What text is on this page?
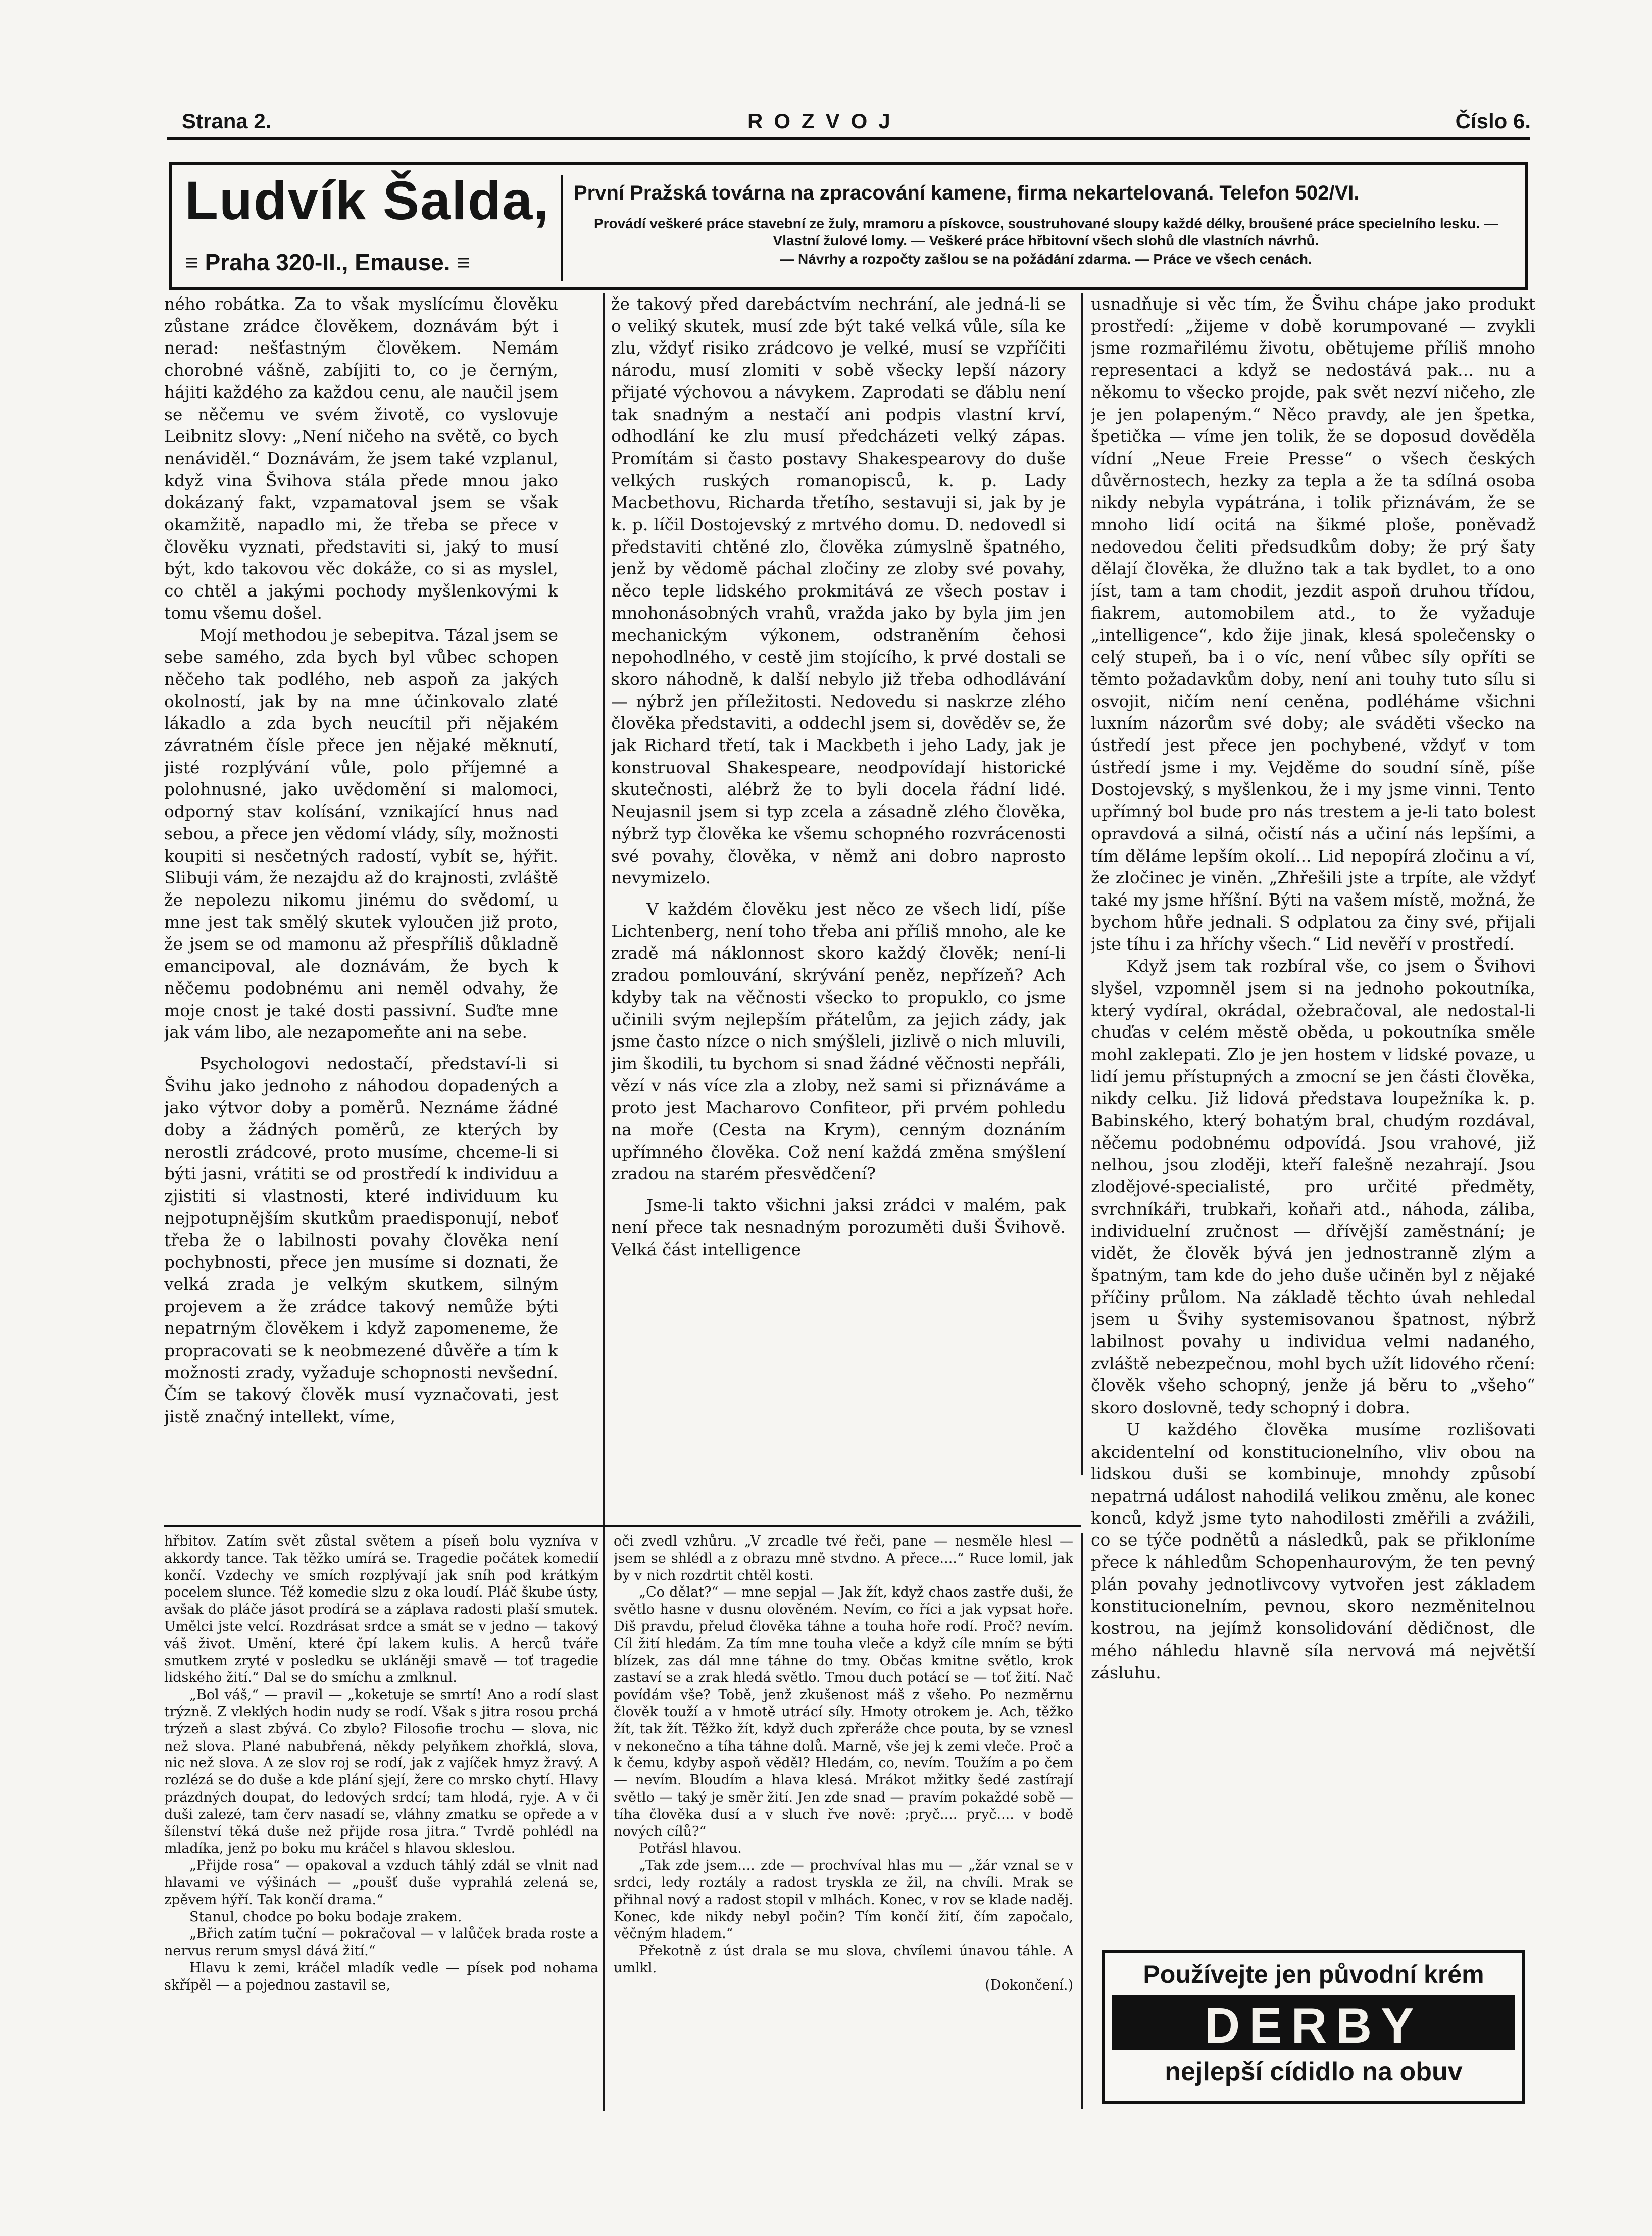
Strana 2.	ROZVOJ	Číslo 6.
Ludvík Šalda,
≡ Praha 320-II., Emause. ≡
První Pražská továrna na zpracování kamene, firma nekartelovaná. Telefon 502/VI.
Provádí veškeré práce stavební ze žuly, mramoru a pískovce, soustruhované sloupy každé délky, broušené práce specielního lesku. — Vlastní žulové lomy. — Veškeré práce hřbitovní všech slohů dle vlastních návrhů.
— Návrhy a rozpočty zašlou se na požádání zdarma. — Práce ve všech cenách.

ného robátka. Za to však myslícímu člověku zůstane zrádce člověkem, doznávám být i nerad: nešťastným člověkem. Nemám chorobné vášně, zabíjiti to, co je černým, hájiti každého za každou cenu, ale naučil jsem se něčemu ve svém životě, co vyslovuje Leibnitz slovy: „Není ničeho na světě, co bych nenáviděl.“ Doznávám, že jsem také vzplanul, když vina Švihova stála přede mnou jako dokázaný fakt, vzpamatoval jsem se však okamžitě, napadlo mi, že třeba se přece v člověku vyznati, představiti si, jaký to musí být, kdo takovou věc dokáže, co si as myslel, co chtěl a jakými pochody myšlenkovými k tomu všemu došel.

Mojí methodou je sebepitva. Tázal jsem se sebe samého, zda bych byl vůbec schopen něčeho tak podlého, neb aspoň za jakých okolností, jak by na mne účinkovalo zlaté lákadlo a zda bych neucítil při nějakém závratném čísle přece jen nějaké měknutí, jisté rozplývání vůle, polo příjemné a polohnusné, jako uvědomění si malomoci, odporný stav kolísání, vznikající hnus nad sebou, a přece jen vědomí vlády, síly, možnosti koupiti si nesčetných radostí, vybít se, hýřit. Slibuji vám, že nezajdu až do krajnosti, zvláště že nepolezu nikomu jinému do svědomí, u mne jest tak smělý skutek vyloučen již proto, že jsem se od mamonu až přespříliš důkladně emancipoval, ale doznávám, že bych k něčemu podobnému ani neměl odvahy, že moje cnost je také dosti passivní. Suďte mne jak vám libo, ale nezapomeňte ani na sebe.

Psychologovi nedostačí, představí-li si Švihu jako jednoho z náhodou dopadených a jako výtvor doby a poměrů. Neznáme žádné doby a žádných poměrů, ze kterých by nerostli zrádcové, proto musíme, chceme-li si býti jasni, vrátiti se od prostředí k individuu a zjistiti si vlastnosti, které individuum ku nejpotupnějším skutkům praedisponují, neboť třeba že o labilnosti povahy člověka není pochybnosti, přece jen musíme si doznati, že velká zrada je velkým skutkem, silným projevem a že zrádce takový nemůže býti nepatrným člověkem i když zapomeneme, že propracovati se k neobmezené důvěře a tím k možnosti zrady, vyžaduje schopnosti nevšední. Čím se takový člověk musí vyznačovati, jest jistě značný intellekt, víme,

že takový před darebáctvím nechrání, ale jedná-li se o veliký skutek, musí zde být také velká vůle, síla ke zlu, vždyť risiko zrádcovo je velké, musí se vzpříčiti národu, musí zlomiti v sobě všecky lepší názory přijaté výchovou a návykem. Zaprodati se ďáblu není tak snadným a nestačí ani podpis vlastní krví, odhodlání ke zlu musí předcházeti velký zápas. Promítám si často postavy Shakespearovy do duše velkých ruských romanopisců, k. p. Lady Macbethovu, Richarda třetího, sestavuji si, jak by je k. p. líčil Dostojevský z mrtvého domu. D. nedovedl si představiti chtěné zlo, člověka zúmyslně špatného, jenž by vědomě páchal zločiny ze zloby své povahy, něco teple lidského prokmitává ze všech postav i mnohonásobných vrahů, vražda jako by byla jim jen mechanickým výkonem, odstraněním čehosi nepohodlného, v cestě jim stojícího, k prvé dostali se skoro náhodně, k další nebylo již třeba odhodlávání — nýbrž jen příležitosti. Nedovedu si naskrze zlého člověka představiti, a oddechl jsem si, dověděv se, že jak Richard třetí, tak i Mackbeth i jeho Lady, jak je konstruoval Shakespeare, neodpovídají historické skutečnosti, alébrž že to byli docela řádní lidé. Neujasnil jsem si typ zcela a zásadně zlého člověka, nýbrž typ člověka ke všemu schopného rozvrácenosti své povahy, člověka, v němž ani dobro naprosto nevymizelo.

V každém člověku jest něco ze všech lidí, píše Lichtenberg, není toho třeba ani příliš mnoho, ale ke zradě má náklonnost skoro každý člověk; není-li zradou pomlouvání, skrývání peněz, nepřízeň? Ach kdyby tak na věčnosti všecko to propuklo, co jsme učinili svým nejlepším přátelům, za jejich zády, jak jsme často nízce o nich smýšleli, jizlivě o nich mluvili, jim škodili, tu bychom si snad žádné věčnosti nepřáli, vězí v nás více zla a zloby, než sami si přiznáváme a proto jest Macharovo Confiteor, při prvém pohledu na moře (Cesta na Krym), cenným doznáním upřímného člověka. Což není každá změna smýšlení zradou na starém přesvědčení?

Jsme-li takto všichni jaksi zrádci v malém, pak není přece tak nesnadným porozuměti duši Švihově. Velká část intelligence

usnadňuje si věc tím, že Švihu chápe jako produkt prostředí: „žijeme v době korumpované — zvykli jsme rozmařilému životu, obětujeme příliš mnoho representaci a když se nedostává pak... nu a někomu to všecko projde, pak svět nezví ničeho, zle je jen polapeným.“ Něco pravdy, ale jen špetka, špetička — víme jen tolik, že se doposud dověděla vídní „Neue Freie Presse“ o všech českých důvěrnostech, hezky za tepla a že ta sdílná osoba nikdy nebyla vypátrána, i tolik přiznávám, že se mnoho lidí ocitá na šikmé ploše, poněvadž nedovedou čeliti předsudkům doby; že prý šaty dělají člověka, že dlužno tak a tak bydlet, to a ono jíst, tam a tam chodit, jezdit aspoň druhou třídou, fiakrem, automobilem atd., to že vyžaduje „intelligence“, kdo žije jinak, klesá společensky o celý stupeň, ba i o víc, není vůbec síly opříti se těmto požadavkům doby, není ani touhy tuto sílu si osvojit, ničím není ceněna, podléháme všichni luxním názorům své doby; ale sváděti všecko na ústředí jest přece jen pochybené, vždyť v tom ústředí jsme i my. Vejděme do soudní síně, píše Dostojevský, s myšlenkou, že i my jsme vinni. Tento upřímný bol bude pro nás trestem a je-li tato bolest opravdová a silná, očistí nás a učiní nás lepšími, a tím děláme lepším okolí... Lid nepopírá zločinu a ví, že zločinec je viněn. „Zhřešili jste a trpíte, ale vždyť také my jsme hříšní. Býti na vašem místě, možná, že bychom hůře jednali. S odplatou za činy své, přijali jste tíhu i za hříchy všech.“ Lid nevěří v prostředí.

Když jsem tak rozbíral vše, co jsem o Švihovi slyšel, vzpomněl jsem si na jednoho pokoutníka, který vydíral, okrádal, ožebračoval, ale nedostal-li chuďas v celém městě oběda, u pokoutníka směle mohl zaklepati. Zlo je jen hostem v lidské povaze, u lidí jemu přístupných a zmocní se jen části člověka, nikdy celku. Již lidová představa loupežníka k. p. Babinského, který bohatým bral, chudým rozdával, něčemu podobnému odpovídá. Jsou vrahové, již nelhou, jsou zloději, kteří falešně nezahrají. Jsou zlodějové-specialisté, pro určité předměty, svrchníkáři, trubkaři, koňaři atd., náhoda, záliba, individuelní zručnost — dřívější zaměstnání; je vidět, že člověk bývá jen jednostranně zlým a špatným, tam kde do jeho duše učiněn byl z nějaké příčiny průlom. Na základě těchto úvah nehledal jsem u Švihy systemisovanou špatnost, nýbrž labilnost povahy u individua velmi nadaného, zvláště nebezpečnou, mohl bych užít lidového rčení: člověk všeho schopný, jenže já běru to „všeho“ skoro doslovně, tedy schopný i dobra.

U každého člověka musíme rozlišovati akcidentelní od konstitucionelního, vliv obou na lidskou duši se kombinuje, mnohdy způsobí nepatrná událost nahodilá velikou změnu, ale konec konců, když jsme tyto nahodilosti změřili a zvážili, co se týče podnětů a následků, pak se přikloníme přece k náhledům Schopenhaurovým, že ten pevný plán povahy jednotlivcovy vytvořen jest základem konstitucionelním, pevnou, skoro nezměnitelnou kostrou, na jejímž konsolidování dědičnost, dle mého náhledu hlavně síla nervová má největší zásluhu.

hřbitov. Zatím svět zůstal světem a píseň bolu vyzníva v akkordy tance. Tak těžko umírá se. Tragedie počátek komedií končí. Vzdechy ve smích rozplývají jak sníh pod krátkým pocelem slunce. Též komedie slzu z oka loudí. Pláč škube ústy, avšak do pláče jásot prodírá se a záplava radosti plaší smutek. Umělci jste velcí. Rozdrásat srdce a smát se v jedno — takový váš život. Umění, které čpí lakem kulis. A herců tváře smutkem zryté v posledku se ukláněji smavě — toť tragedie lidského žití.“ Dal se do smíchu a zmlknul.

„Bol váš,“ — pravil — „koketuje se smrtí! Ano a rodí slast trýzně. Z vleklých hodin nudy se rodí. Však s jitra rosou prchá trýzeň a slast zbývá. Co zbylo? Filosofie trochu — slova, nic než slova. Plané nabubřená, někdy pelyňkem zhořklá, slova, nic než slova. A ze slov roj se rodí, jak z vajíček hmyz žravý. A rozlézá se do duše a kde plání sjejí, žere co mrsko chytí. Hlavy prázdných doupat, do ledových srdcí; tam hlodá, ryje. A v či duši zalezé, tam červ nasadí se, vláhny zmatku se opřede a v šílenství těká duše než přijde rosa jitra.“ Tvrdě pohlédl na mladíka, jenž po boku mu kráčel s hlavou skleslou.

„Přijde rosa“ — opakoval a vzduch táhlý zdál se vlnit nad hlavami ve výšinách — „poušť duše vyprahlá zelená se, zpěvem hýří. Tak končí drama.“

Stanul, chodce po boku bodaje zrakem.

„Břich zatím tuční — pokračoval — v lalůček brada roste a nervus rerum smysl dává žití.“

Hlavu k zemi, kráčel mladík vedle — písek pod nohama skřípěl — a pojednou zastavil se,

oči zvedl vzhůru. „V zrcadle tvé řeči, pane — nesměle hlesl — jsem se shlédl a z obrazu mně stvdno. A přece....“ Ruce lomil, jak by v nich rozdrtit chtěl kosti.

„Co dělat?“ — mne sepjal — Jak žít, když chaos zastře duši, že světlo hasne v dusnu olověném. Nevím, co říci a jak vypsat hoře. Diš pravdu, přelud člověka táhne a touha hoře rodí. Proč? nevím. Cíl žití hledám. Za tím mne touha vleče a když cíle mním se býti blízek, zas dál mne táhne do tmy. Občas kmitne světlo, krok zastaví se a zrak hledá světlo. Tmou duch potácí se — toť žití. Nač povídám vše? Tobě, jenž zkušenost máš z všeho. Po nezměrnu člověk touží a v hmotě utrácí síly. Hmoty otrokem je. Ach, těžko žít, tak žít. Těžko žít, když duch zpřeráže chce pouta, by se vznesl v nekonečno a tíha táhne dolů. Marně, vše jej k zemi vleče. Proč a k čemu, kdyby aspoň věděl? Hledám, co, nevím. Toužím a po čem — nevím. Bloudím a hlava klesá. Mrákot mžitky šedé zastírají světlo — taký je směr žití. Jen zde snad — pravím pokaždé sobě — tíha člověka dusí a v sluch řve nově: ;pryč.... pryč.... v bodě nových cílů?“

Potřásl hlavou.

„Tak zde jsem.... zde — prochvíval hlas mu — „žár vznal se v srdci, ledy roztály a radost tryskla ze žil, na chvíli. Mrak se přihnal nový a radost stopil v mlhách. Konec, v rov se klade naděj. Konec, kde nikdy nebyl počin? Tím končí žití, čím započalo, věčným hladem.“

Překotně z úst drala se mu slova, chvílemi únavou táhle. A umlkl.

(Dokončení.)	Používejte jen původní krém
DERBY
nejlepší cídidlo na obuv
